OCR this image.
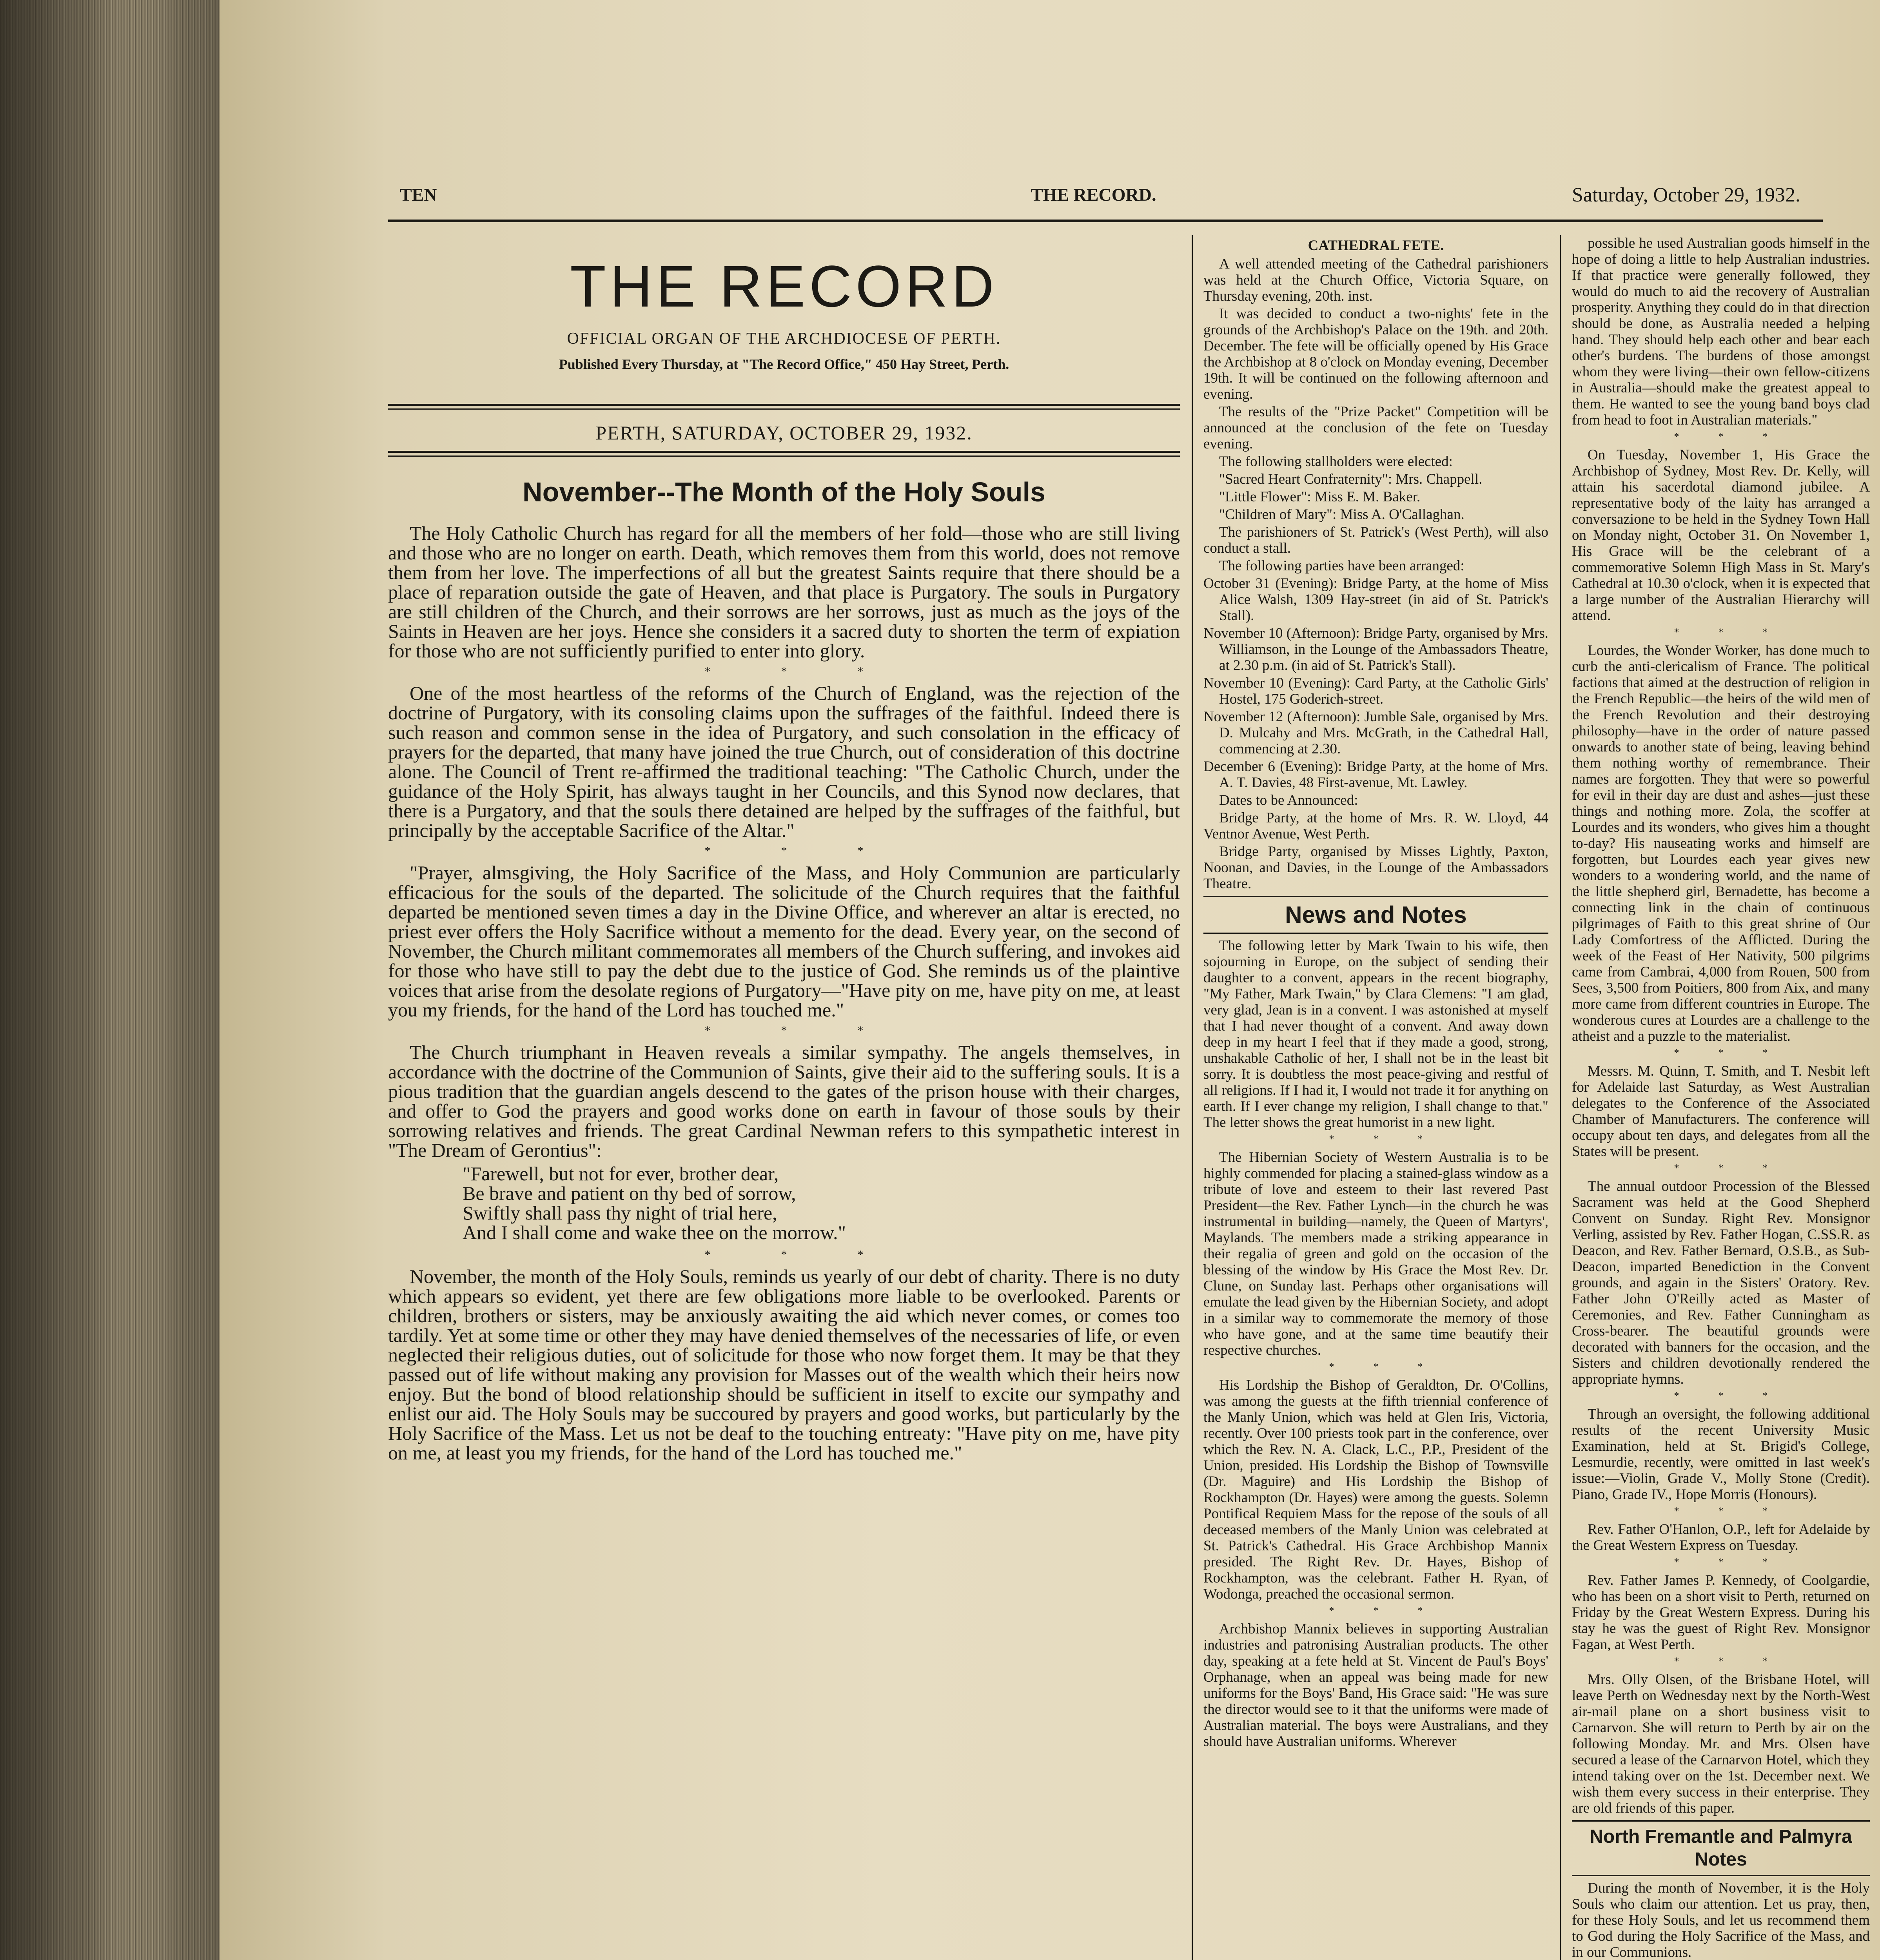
TEN	THE RECORD.	Saturday, October 29, 1932.
THE RECORD
OFFICIAL ORGAN OF THE ARCHDIOCESE OF PERTH.
Published Every Thursday, at "The Record Office," 450 Hay Street, Perth.
PERTH, SATURDAY, OCTOBER 29, 1932.
November--The Month of the Holy Souls

The Holy Catholic Church has regard for all the members of her fold—those who are still living and those who are no longer on earth. Death, which removes them from this world, does not remove them from her love. The imperfections of all but the greatest Saints require that there should be a place of reparation outside the gate of Heaven, and that place is Purgatory. The souls in Purgatory are still children of the Church, and their sorrows are her sorrows, just as much as the joys of the Saints in Heaven are her joys. Hence she considers it a sacred duty to shorten the term of expiation for those who are not sufficiently purified to enter into glory.

***

One of the most heartless of the reforms of the Church of England, was the rejection of the doctrine of Purgatory, with its consoling claims upon the suffrages of the faithful. Indeed there is such reason and common sense in the idea of Purgatory, and such consolation in the efficacy of prayers for the departed, that many have joined the true Church, out of consideration of this doctrine alone. The Council of Trent re-affirmed the traditional teaching: "The Catholic Church, under the guidance of the Holy Spirit, has always taught in her Councils, and this Synod now declares, that there is a Purgatory, and that the souls there detained are helped by the suffrages of the faithful, but principally by the acceptable Sacrifice of the Altar."

***

"Prayer, almsgiving, the Holy Sacrifice of the Mass, and Holy Communion are particularly efficacious for the souls of the departed. The solicitude of the Church requires that the faithful departed be mentioned seven times a day in the Divine Office, and wherever an altar is erected, no priest ever offers the Holy Sacrifice without a memento for the dead. Every year, on the second of November, the Church militant commemorates all members of the Church suffering, and invokes aid for those who have still to pay the debt due to the justice of God. She reminds us of the plaintive voices that arise from the desolate regions of Purgatory—"Have pity on me, have pity on me, at least you my friends, for the hand of the Lord has touched me."

***

The Church triumphant in Heaven reveals a similar sympathy. The angels themselves, in accordance with the doctrine of the Communion of Saints, give their aid to the suffering souls. It is a pious tradition that the guardian angels descend to the gates of the prison house with their charges, and offer to God the prayers and good works done on earth in favour of those souls by their sorrowing relatives and friends. The great Cardinal Newman refers to this sympathetic interest in "The Dream of Gerontius":

"Farewell, but not for ever, brother dear,
Be brave and patient on thy bed of sorrow,
Swiftly shall pass thy night of trial here,
And I shall come and wake thee on the morrow."

***

November, the month of the Holy Souls, reminds us yearly of our debt of charity. There is no duty which appears so evident, yet there are few obligations more liable to be overlooked. Parents or children, brothers or sisters, may be anxiously awaiting the aid which never comes, or comes too tardily. Yet at some time or other they may have denied themselves of the necessaries of life, or even neglected their religious duties, out of solicitude for those who now forget them. It may be that they passed out of life without making any provision for Masses out of the wealth which their heirs now enjoy. But the bond of blood relationship should be sufficient in itself to excite our sympathy and enlist our aid. The Holy Souls may be succoured by prayers and good works, but particularly by the Holy Sacrifice of the Mass. Let us not be deaf to the touching entreaty: "Have pity on me, have pity on me, at least you my friends, for the hand of the Lord has touched me."

CATHEDRAL FETE.

A well attended meeting of the Cathedral parishioners was held at the Church Office, Victoria Square, on Thursday evening, 20th. inst.

It was decided to conduct a two-nights' fete in the grounds of the Archbishop's Palace on the 19th. and 20th. December. The fete will be officially opened by His Grace the Archbishop at 8 o'clock on Monday evening, December 19th. It will be continued on the following afternoon and evening.

The results of the "Prize Packet" Competition will be announced at the conclusion of the fete on Tuesday evening.

The following stallholders were elected:

"Sacred Heart Confraternity": Mrs. Chappell.

"Little Flower": Miss E. M. Baker.

"Children of Mary": Miss A. O'Callaghan.

The parishioners of St. Patrick's (West Perth), will also conduct a stall.

The following parties have been arranged:

October 31 (Evening): Bridge Party, at the home of Miss Alice Walsh, 1309 Hay-street (in aid of St. Patrick's Stall).

November 10 (Afternoon): Bridge Party, organised by Mrs. Williamson, in the Lounge of the Ambassadors Theatre, at 2.30 p.m. (in aid of St. Patrick's Stall).

November 10 (Evening): Card Party, at the Catholic Girls' Hostel, 175 Goderich-street.

November 12 (Afternoon): Jumble Sale, organised by Mrs. D. Mulcahy and Mrs. McGrath, in the Cathedral Hall, commencing at 2.30.

December 6 (Evening): Bridge Party, at the home of Mrs. A. T. Davies, 48 First-avenue, Mt. Lawley.

Dates to be Announced:

Bridge Party, at the home of Mrs. R. W. Lloyd, 44 Ventnor Avenue, West Perth.

Bridge Party, organised by Misses Lightly, Paxton, Noonan, and Davies, in the Lounge of the Ambassadors Theatre.

News and Notes

The following letter by Mark Twain to his wife, then sojourning in Europe, on the subject of sending their daughter to a convent, appears in the recent biography, "My Father, Mark Twain," by Clara Clemens: "I am glad, very glad, Jean is in a convent. I was astonished at myself that I had never thought of a convent. And away down deep in my heart I feel that if they made a good, strong, unshakable Catholic of her, I shall not be in the least bit sorry. It is doubtless the most peace-giving and restful of all religions. If I had it, I would not trade it for anything on earth. If I ever change my religion, I shall change to that." The letter shows the great humorist in a new light.

***

The Hibernian Society of Western Australia is to be highly commended for placing a stained-glass window as a tribute of love and esteem to their last revered Past President—the Rev. Father Lynch—in the church he was instrumental in building—namely, the Queen of Martyrs', Maylands. The members made a striking appearance in their regalia of green and gold on the occasion of the blessing of the window by His Grace the Most Rev. Dr. Clune, on Sunday last. Perhaps other organisations will emulate the lead given by the Hibernian Society, and adopt in a similar way to commemorate the memory of those who have gone, and at the same time beautify their respective churches.

***

His Lordship the Bishop of Geraldton, Dr. O'Collins, was among the guests at the fifth triennial conference of the Manly Union, which was held at Glen Iris, Victoria, recently. Over 100 priests took part in the conference, over which the Rev. N. A. Clack, L.C., P.P., President of the Union, presided. His Lordship the Bishop of Townsville (Dr. Maguire) and His Lordship the Bishop of Rockhampton (Dr. Hayes) were among the guests. Solemn Pontifical Requiem Mass for the repose of the souls of all deceased members of the Manly Union was celebrated at St. Patrick's Cathedral. His Grace Archbishop Mannix presided. The Right Rev. Dr. Hayes, Bishop of Rockhampton, was the celebrant. Father H. Ryan, of Wodonga, preached the occasional sermon.

***

Archbishop Mannix believes in supporting Australian industries and patronising Australian products. The other day, speaking at a fete held at St. Vincent de Paul's Boys' Orphanage, when an appeal was being made for new uniforms for the Boys' Band, His Grace said: "He was sure the director would see to it that the uniforms were made of Australian material. The boys were Australians, and they should have Australian uniforms. Wherever

possible he used Australian goods himself in the hope of doing a little to help Australian industries. If that practice were generally followed, they would do much to aid the recovery of Australian prosperity. Anything they could do in that direction should be done, as Australia needed a helping hand. They should help each other and bear each other's burdens. The burdens of those amongst whom they were living—their own fellow-citizens in Australia—should make the greatest appeal to them. He wanted to see the young band boys clad from head to foot in Australian materials."

***

On Tuesday, November 1, His Grace the Archbishop of Sydney, Most Rev. Dr. Kelly, will attain his sacerdotal diamond jubilee. A representative body of the laity has arranged a conversazione to be held in the Sydney Town Hall on Monday night, October 31. On November 1, His Grace will be the celebrant of a commemorative Solemn High Mass in St. Mary's Cathedral at 10.30 o'clock, when it is expected that a large number of the Australian Hierarchy will attend.

***

Lourdes, the Wonder Worker, has done much to curb the anti-clericalism of France. The political factions that aimed at the destruction of religion in the French Republic—the heirs of the wild men of the French Revolution and their destroying philosophy—have in the order of nature passed onwards to another state of being, leaving behind them nothing worthy of remembrance. Their names are forgotten. They that were so powerful for evil in their day are dust and ashes—just these things and nothing more. Zola, the scoffer at Lourdes and its wonders, who gives him a thought to-day? His nauseating works and himself are forgotten, but Lourdes each year gives new wonders to a wondering world, and the name of the little shepherd girl, Bernadette, has become a connecting link in the chain of continuous pilgrimages of Faith to this great shrine of Our Lady Comfortress of the Afflicted. During the week of the Feast of Her Nativity, 500 pilgrims came from Cambrai, 4,000 from Rouen, 500 from Sees, 3,500 from Poitiers, 800 from Aix, and many more came from different countries in Europe. The wonderous cures at Lourdes are a challenge to the atheist and a puzzle to the materialist.

***

Messrs. M. Quinn, T. Smith, and T. Nesbit left for Adelaide last Saturday, as West Australian delegates to the Conference of the Associated Chamber of Manufacturers. The conference will occupy about ten days, and delegates from all the States will be present.

***

The annual outdoor Procession of the Blessed Sacrament was held at the Good Shepherd Convent on Sunday. Right Rev. Monsignor Verling, assisted by Rev. Father Hogan, C.SS.R. as Deacon, and Rev. Father Bernard, O.S.B., as Sub-Deacon, imparted Benediction in the Convent grounds, and again in the Sisters' Oratory. Rev. Father John O'Reilly acted as Master of Ceremonies, and Rev. Father Cunningham as Cross-bearer. The beautiful grounds were decorated with banners for the occasion, and the Sisters and children devotionally rendered the appropriate hymns.

***

Through an oversight, the following additional results of the recent University Music Examination, held at St. Brigid's College, Lesmurdie, recently, were omitted in last week's issue:—Violin, Grade V., Molly Stone (Credit). Piano, Grade IV., Hope Morris (Honours).

***

Rev. Father O'Hanlon, O.P., left for Adelaide by the Great Western Express on Tuesday.

***

Rev. Father James P. Kennedy, of Coolgardie, who has been on a short visit to Perth, returned on Friday by the Great Western Express. During his stay he was the guest of Right Rev. Monsignor Fagan, at West Perth.

***

Mrs. Olly Olsen, of the Brisbane Hotel, will leave Perth on Wednesday next by the North-West air-mail plane on a short business visit to Carnarvon. She will return to Perth by air on the following Monday. Mr. and Mrs. Olsen have secured a lease of the Carnarvon Hotel, which they intend taking over on the 1st. December next. We wish them every success in their enterprise. They are old friends of this paper.

North Fremantle and Palmyra Notes

During the month of November, it is the Holy Souls who claim our attention. Let us pray, then, for these Holy Souls, and let us recommend them to God during the Holy Sacrifice of the Mass, and in our Communions.
